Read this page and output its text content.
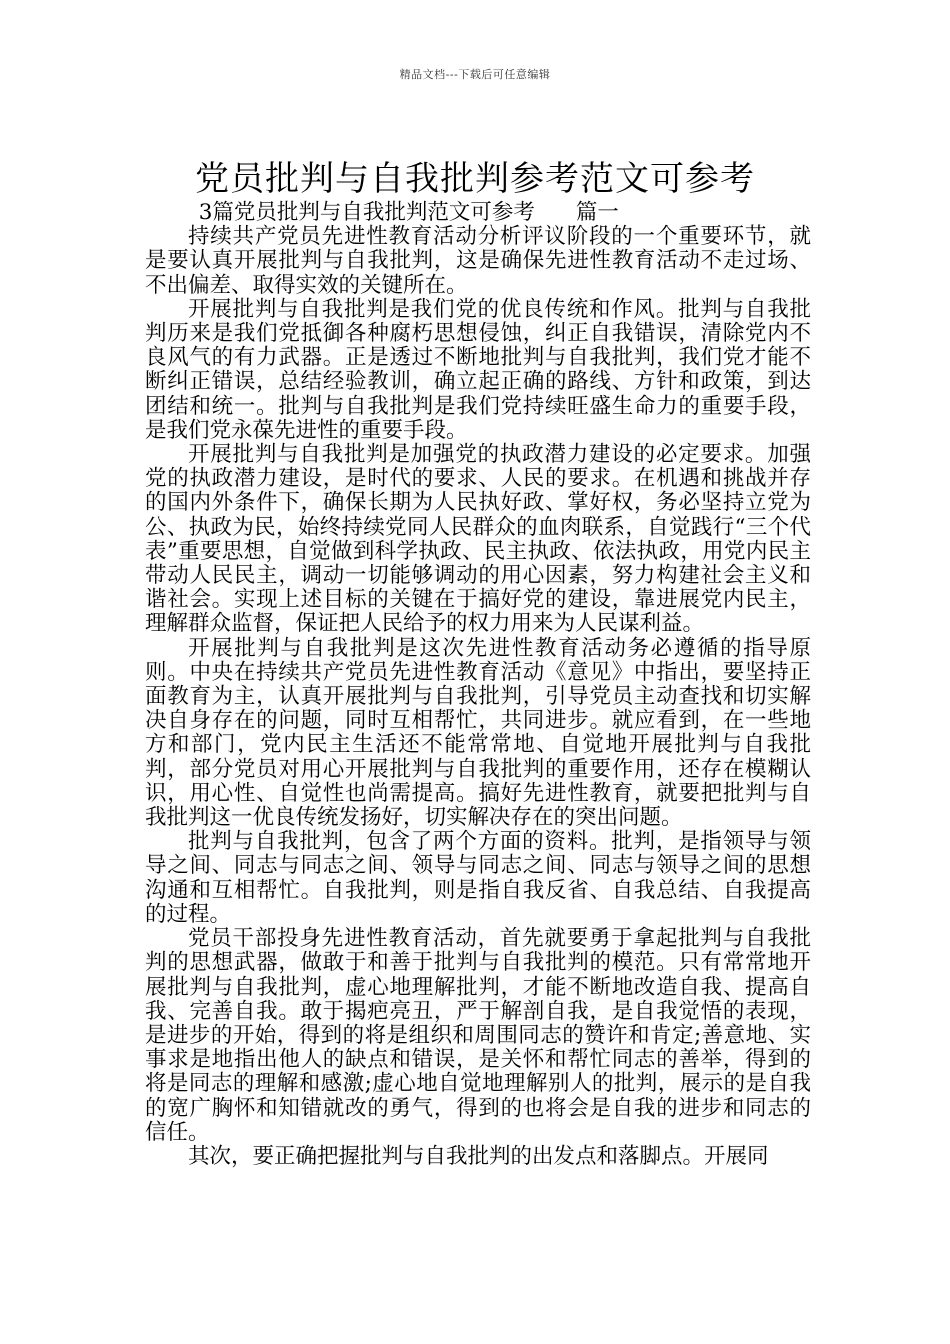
精品文档---下载后可任意编辑
党员批判与自我批判参考范文可参考
3篇党员批判与自我批判范文可参考      篇一

持续共产党员先进性教育活动分析评议阶段的一个重要环节，就是要认真开展批判与自我批判，这是确保先进性教育活动不走过场、不出偏差、取得实效的关键所在。

开展批判与自我批判是我们党的优良传统和作风。批判与自我批判历来是我们党抵御各种腐朽思想侵蚀，纠正自我错误，清除党内不良风气的有力武器。正是透过不断地批判与自我批判，我们党才能不断纠正错误，总结经验教训，确立起正确的路线、方针和政策，到达团结和统一。批判与自我批判是我们党持续旺盛生命力的重要手段，是我们党永葆先进性的重要手段。

开展批判与自我批判是加强党的执政潜力建设的必定要求。加强党的执政潜力建设，是时代的要求、人民的要求。在机遇和挑战并存的国内外条件下，确保长期为人民执好政、掌好权，务必坚持立党为公、执政为民，始终持续党同人民群众的血肉联系，自觉践行“三个代表”重要思想，自觉做到科学执政、民主执政、依法执政，用党内民主带动人民民主，调动一切能够调动的用心因素，努力构建社会主义和谐社会。实现上述目标的关键在于搞好党的建设，靠进展党内民主，理解群众监督，保证把人民给予的权力用来为人民谋利益。

开展批判与自我批判是这次先进性教育活动务必遵循的指导原则。中央在持续共产党员先进性教育活动《意见》中指出，要坚持正面教育为主，认真开展批判与自我批判，引导党员主动查找和切实解决自身存在的问题，同时互相帮忙，共同进步。就应看到，在一些地方和部门，党内民主生活还不能常常地、自觉地开展批判与自我批判，部分党员对用心开展批判与自我批判的重要作用，还存在模糊认识，用心性、自觉性也尚需提高。搞好先进性教育，就要把批判与自我批判这一优良传统发扬好，切实解决存在的突出问题。

批判与自我批判，包含了两个方面的资料。批判，是指领导与领导之间、同志与同志之间、领导与同志之间、同志与领导之间的思想沟通和互相帮忙。自我批判，则是指自我反省、自我总结、自我提高的过程。

党员干部投身先进性教育活动，首先就要勇于拿起批判与自我批判的思想武器，做敢于和善于批判与自我批判的模范。只有常常地开展批判与自我批判，虚心地理解批判，才能不断地改造自我、提高自我、完善自我。敢于揭疤亮丑，严于解剖自我，是自我觉悟的表现，是进步的开始，得到的将是组织和周围同志的赞许和肯定;善意地、实事求是地指出他人的缺点和错误，是关怀和帮忙同志的善举，得到的将是同志的理解和感激;虚心地自觉地理解别人的批判，展示的是自我的宽广胸怀和知错就改的勇气，得到的也将会是自我的进步和同志的信任。

其次，要正确把握批判与自我批判的出发点和落脚点。开展同
